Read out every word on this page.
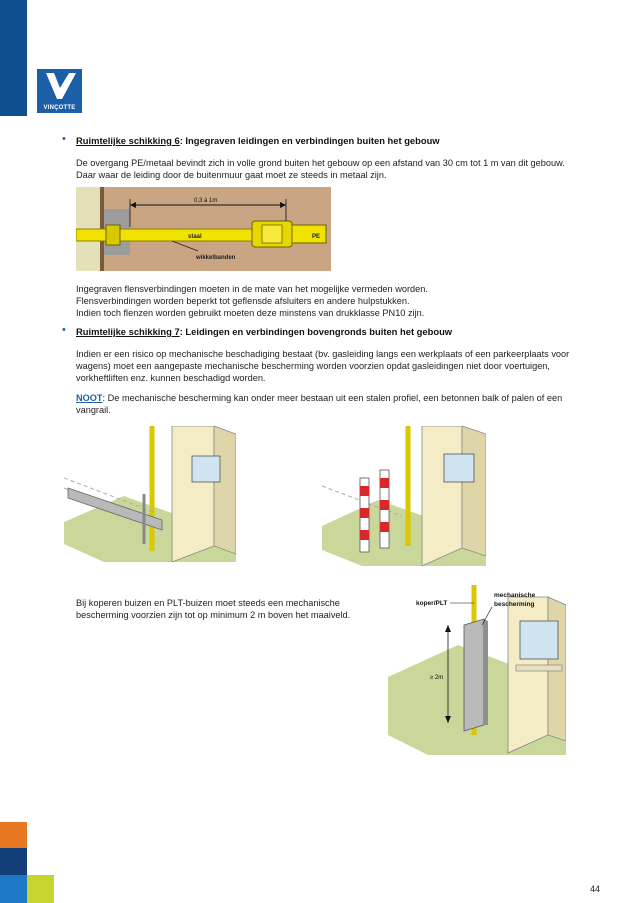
VINÇOTTE
• Ruimtelijke schikking 6: Ingegraven leidingen en verbindingen buiten het gebouw
De overgang PE/metaal bevindt zich in volle grond buiten het gebouw op een afstand van 30 cm tot 1 m van dit gebouw.
Daar waar de leiding door de buitenmuur gaat moet ze steeds in metaal zijn.
0,3 à 1m
staal	PE
wikkelbanden
Ingegraven flensverbindingen moeten in de mate van het mogelijke vermeden worden.
Flensverbindingen worden beperkt tot geflensde afsluiters en andere hulpstukken.
Indien toch flenzen worden gebruikt moeten deze minstens van drukklasse PN10 zijn.
• Ruimtelijke schikking 7: Leidingen en verbindingen bovengronds buiten het gebouw
Indien er een risico op mechanische beschadiging bestaat (bv. gasleiding langs een werkplaats of een parkeerplaats voor
wagens) moet een aangepaste mechanische bescherming worden voorzien opdat gasleidingen niet door voertuigen,
vorkheftliften enz. kunnen beschadigd worden.
NOOT: De mechanische bescherming kan onder meer bestaan uit een stalen profiel, een betonnen balk of palen of een
vangrail.
Bij koperen buizen en PLT-buizen moet steeds een mechanische
bescherming voorzien zijn tot op minimum 2 m boven het maaiveld.
≥ 2m
koper/PLT
mechanische
bescherming
44
